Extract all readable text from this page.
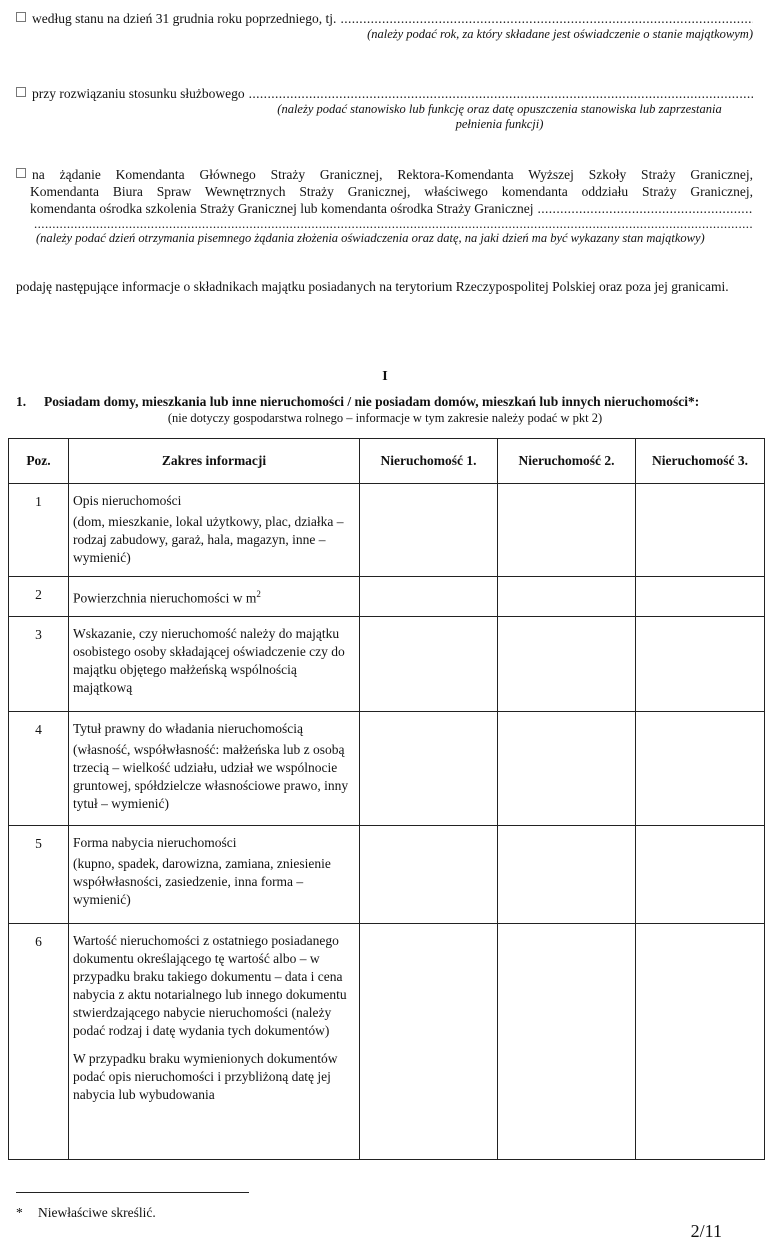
według stanu na dzień 31 grudnia roku poprzedniego, tj.
.....
(należy podać rok, za który składane jest oświadczenie o stanie majątkowym)
przy rozwiązaniu stosunku służbowego
.....
(należy podać stanowisko lub funkcję oraz datę opuszczenia stanowiska lub zaprzestania
pełnienia funkcji)
na żądanie Komendanta Głównego Straży Granicznej, Rektora-Komendanta Wyższej Szkoły Straży Granicznej,
Komendanta Biura Spraw Wewnętrznych Straży Granicznej, właściwego komendanta oddziału Straży Granicznej,
komendanta ośrodka szkolenia Straży Granicznej lub komendanta ośrodka Straży Granicznej
.....
.....
(należy podać dzień otrzymania pisemnego żądania złożenia oświadczenia oraz datę, na jaki dzień ma być wykazany stan majątkowy)
podaję następujące informacje o składnikach majątku posiadanych na terytorium Rzeczypospolitej Polskiej oraz poza jej granicami.
I
1. Posiadam domy, mieszkania lub inne nieruchomości / nie posiadam domów, mieszkań lub innych nieruchomości*:
(nie dotyczy gospodarstwa rolnego – informacje w tym zakresie należy podać w pkt 2)
Poz.	Zakres informacji	Nieruchomość 1.	Nieruchomość 2.	Nieruchomość 3.
1	Opis nieruchomości
(dom, mieszkanie, lokal użytkowy, plac, działka – rodzaj zabudowy, garaż, hala, magazyn, inne – wymienić)			

2	Powierzchnia nieruchomości w $m^2$

3	Wskazanie, czy nieruchomość należy do majątku osobistego osoby składającej oświadczenie czy do majątku objętego małżeńską wspólnością majątkową			

4	Tytuł prawny do władania nieruchomością
(własność, współwłasność: małżeńska lub z osobą trzecią – wielkość udziału, udział we wspólnocie gruntowej, spółdzielcze własnościowe prawo, inny tytuł – wymienić)			

5	Forma nabycia nieruchomości
(kupno, spadek, darowizna, zamiana, zniesienie współwłasności, zasiedzenie, inna forma – wymienić)			

6	Wartość nieruchomości z ostatniego posiadanego dokumentu określającego tę wartość albo – w przypadku braku takiego dokumentu – data i cena nabycia z aktu notarialnego lub innego dokumentu stwierdzającego nabycie nieruchomości (należy podać rodzaj i datę wydania tych dokumentów)
W przypadku braku wymienionych dokumentów podać opis nieruchomości i przybliżoną datę jej nabycia lub wybudowania			

* Niewłaściwe skreślić.
2/11
